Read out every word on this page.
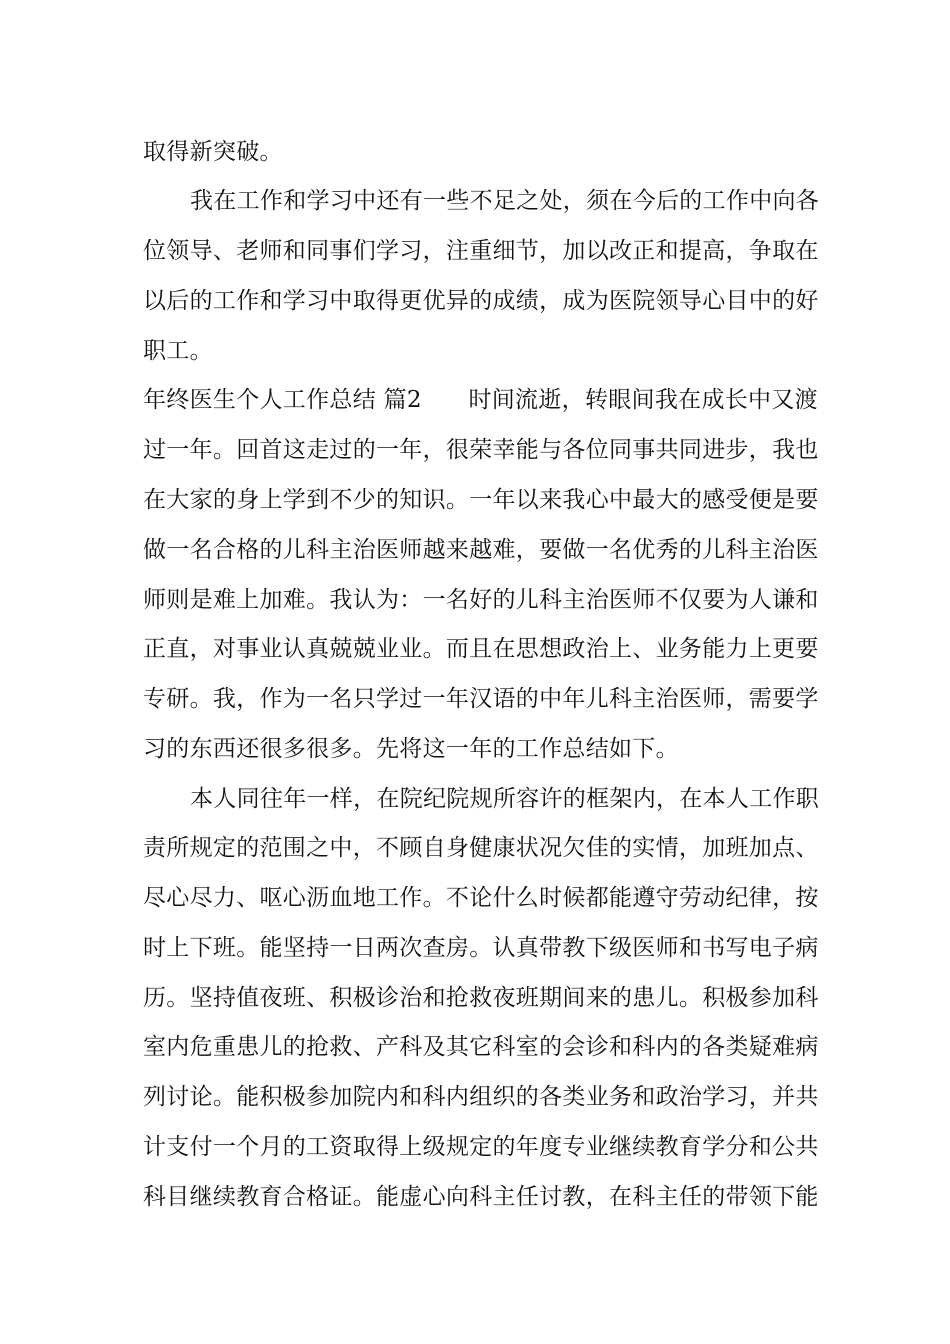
取得新突破。
我在工作和学习中还有一些不足之处，须在今后的工作中向各
位领导、老师和同事们学习，注重细节，加以改正和提高，争取在
以后的工作和学习中取得更优异的成绩，成为医院领导心目中的好
职工。
年终医生个人工作总结 篇2　　时间流逝，转眼间我在成长中又渡
过一年。回首这走过的一年，很荣幸能与各位同事共同进步，我也
在大家的身上学到不少的知识。一年以来我心中最大的感受便是要
做一名合格的儿科主治医师越来越难，要做一名优秀的儿科主治医
师则是难上加难。我认为：一名好的儿科主治医师不仅要为人谦和
正直，对事业认真兢兢业业。而且在思想政治上、业务能力上更要
专研。我，作为一名只学过一年汉语的中年儿科主治医师，需要学
习的东西还很多很多。先将这一年的工作总结如下。
本人同往年一样，在院纪院规所容许的框架内，在本人工作职
责所规定的范围之中，不顾自身健康状况欠佳的实情，加班加点、
尽心尽力、呕心沥血地工作。不论什么时候都能遵守劳动纪律，按
时上下班。能坚持一日两次查房。认真带教下级医师和书写电子病
历。坚持值夜班、积极诊治和抢救夜班期间来的患儿。积极参加科
室内危重患儿的抢救、产科及其它科室的会诊和科内的各类疑难病
列讨论。能积极参加院内和科内组织的各类业务和政治学习，并共
计支付一个月的工资取得上级规定的年度专业继续教育学分和公共
科目继续教育合格证。能虚心向科主任讨教，在科主任的带领下能
